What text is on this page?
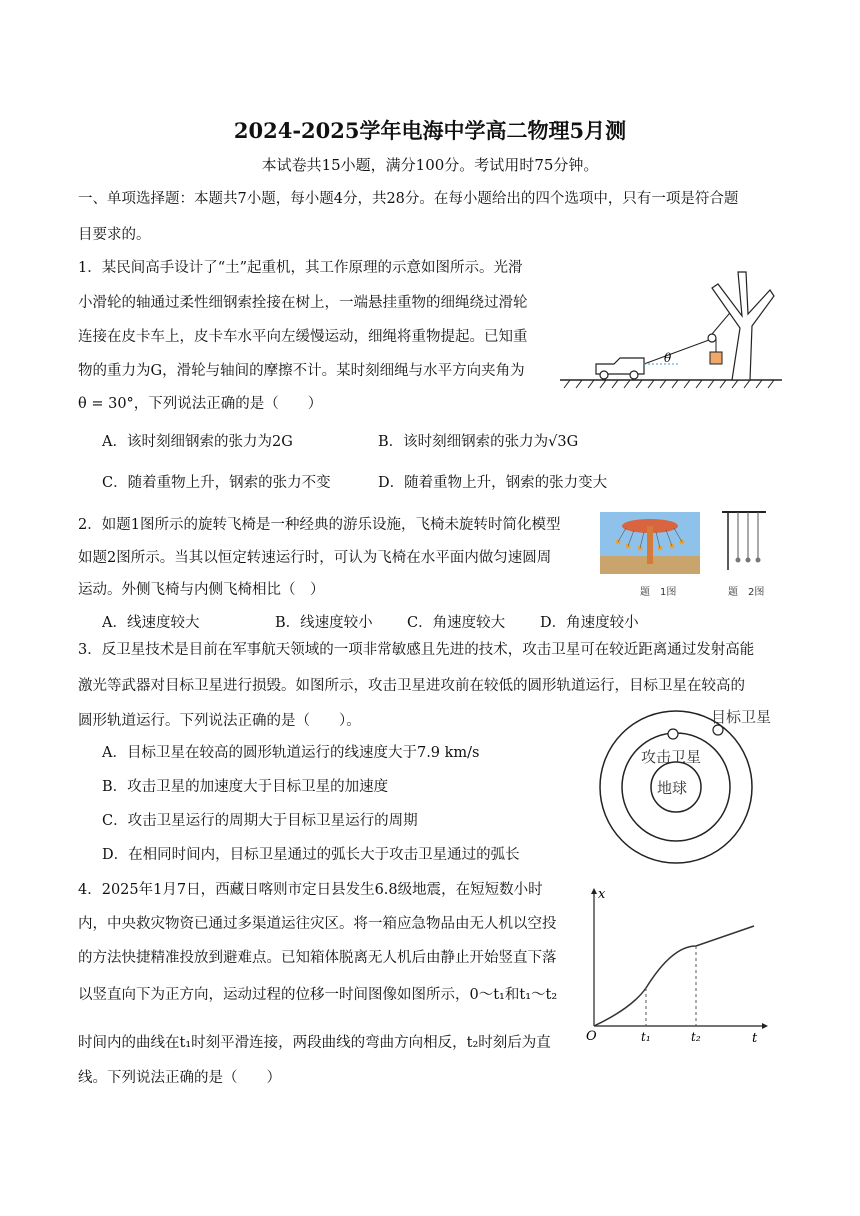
2024-2025学年电海中学高二物理5月测
本试卷共15小题，满分100分。考试用时75分钟。
一、单项选择题：本题共7小题，每小题4分，共28分。在每小题给出的四个选项中，只有一项是符合题
目要求的。
1．某民间高手设计了“土”起重机，其工作原理的示意如图所示。光滑
小滑轮的轴通过柔性细钢索拴接在树上，一端悬挂重物的细绳绕过滑轮
连接在皮卡车上，皮卡车水平向左缓慢运动，细绳将重物提起。已知重
物的重力为G，滑轮与轴间的摩擦不计。某时刻细绳与水平方向夹角为
θ = 30°，下列说法正确的是（　　）
A．该时刻细钢索的张力为2G	B．该时刻细钢索的张力为√3G
C．随着重物上升，钢索的张力不变	D．随着重物上升，钢索的张力变大
θ
2．如题1图所示的旋转飞椅是一种经典的游乐设施，飞椅未旋转时简化模型
如题2图所示。当其以恒定转速运行时，可认为飞椅在水平面内做匀速圆周
运动。外侧飞椅与内侧飞椅相比（　）
A．线速度较大	B．线速度较小 C．角速度较大 D．角速度较小
题　1图	题　2图
3．反卫星技术是目前在军事航天领域的一项非常敏感且先进的技术，攻击卫星可在较近距离通过发射高能
激光等武器对目标卫星进行损毁。如图所示，攻击卫星进攻前在较低的圆形轨道运行，目标卫星在较高的
圆形轨道运行。下列说法正确的是（　　）。
A．目标卫星在较高的圆形轨道运行的线速度大于7.9 km/s
B．攻击卫星的加速度大于目标卫星的加速度
C．攻击卫星运行的周期大于目标卫星运行的周期
D．在相同时间内，目标卫星通过的弧长大于攻击卫星通过的弧长
目标卫星
攻击卫星
地球
4．2025年1月7日，西藏日喀则市定日县发生6.8级地震，在短短数小时
内，中央救灾物资已通过多渠道运往灾区。将一箱应急物品由无人机以空投
的方法快捷精准投放到避难点。已知箱体脱离无人机后由静止开始竖直下落
以竖直向下为正方向，运动过程的位移一时间图像如图所示，0～t₁和t₁～t₂
时间内的曲线在t₁时刻平滑连接，两段曲线的弯曲方向相反，t₂时刻后为直
线。下列说法正确的是（　　）
x
t
O	t₁	t₂
